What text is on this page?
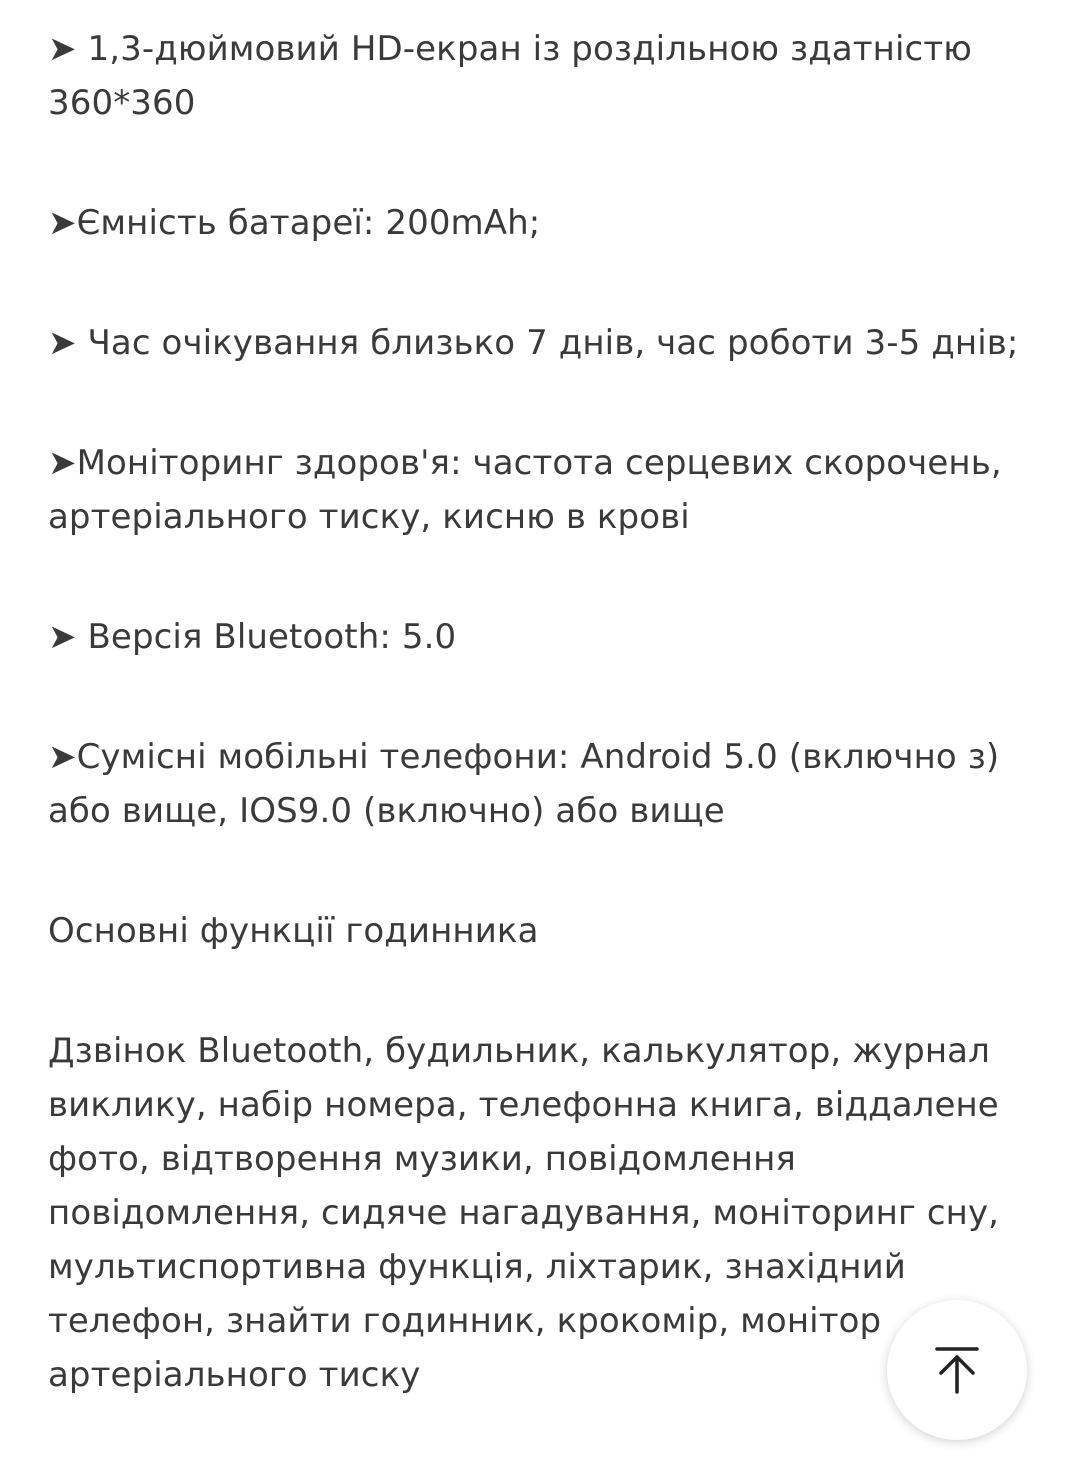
➤ 1,3-дюймовий HD-екран із роздільною здатністю 360*360

➤Ємність батареї: 200mAh;

➤ Час очікування близько 7 днів, час роботи 3-5 днів;

➤Моніторинг здоров'я: частота серцевих скорочень, артеріального тиску, кисню в крові

➤ Версія Bluetooth: 5.0

➤Сумісні мобільні телефони: Android 5.0 (включно з) або вище, IOS9.0 (включно) або вище

Основні функції годинника

Дзвінок Bluetooth, будильник, калькулятор, журнал виклику, набір номера, телефонна книга, віддалене фото, відтворення музики, повідомлення повідомлення, сидяче нагадування, моніторинг сну, мультиспортивна функція, ліхтарик, знахідний телефон, знайти годинник, крокомір, монітор артеріального тиску
